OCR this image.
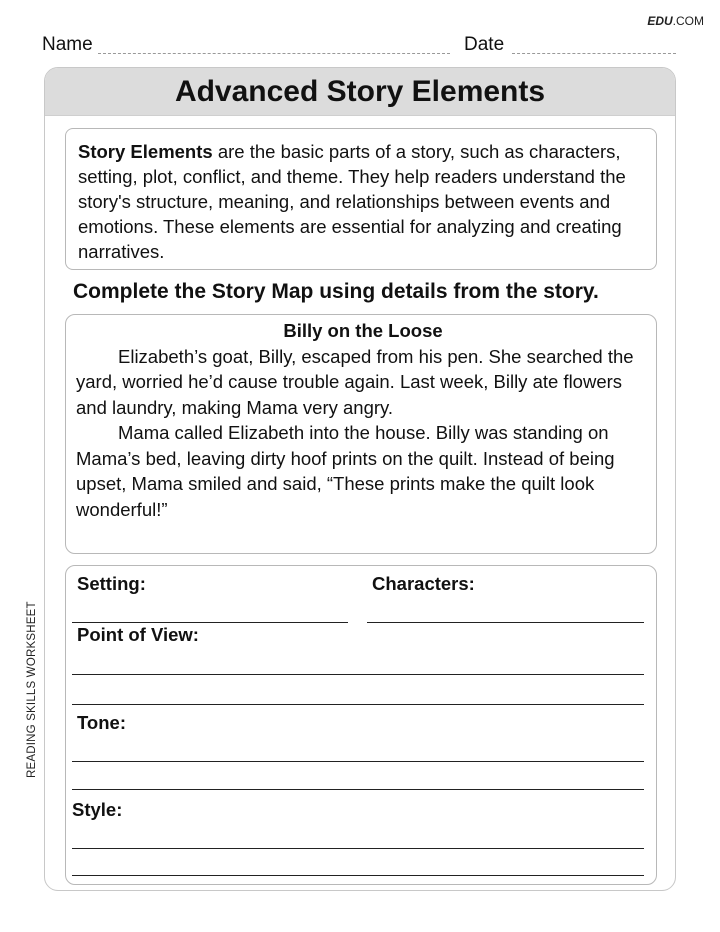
EDU.COM
Name	Date
Advanced Story Elements
Story Elements are the basic parts of a story, such as characters, setting, plot, conflict, and theme. They help readers understand the story's structure, meaning, and relationships between events and emotions. These elements are essential for analyzing and creating narratives.
Complete the Story Map using details from the story.
Billy on the Loose

Elizabeth’s goat, Billy, escaped from his pen. She searched the yard, worried he’d cause trouble again. Last week, Billy ate flowers and laundry, making Mama very angry.

Mama called Elizabeth into the house. Billy was standing on Mama’s bed, leaving dirty hoof prints on the quilt. Instead of being upset, Mama smiled and said, “These prints make the quilt look wonderful!”

Setting:	Characters:
Point of View:
Tone:
Style:
READING SKILLS WORKSHEET
